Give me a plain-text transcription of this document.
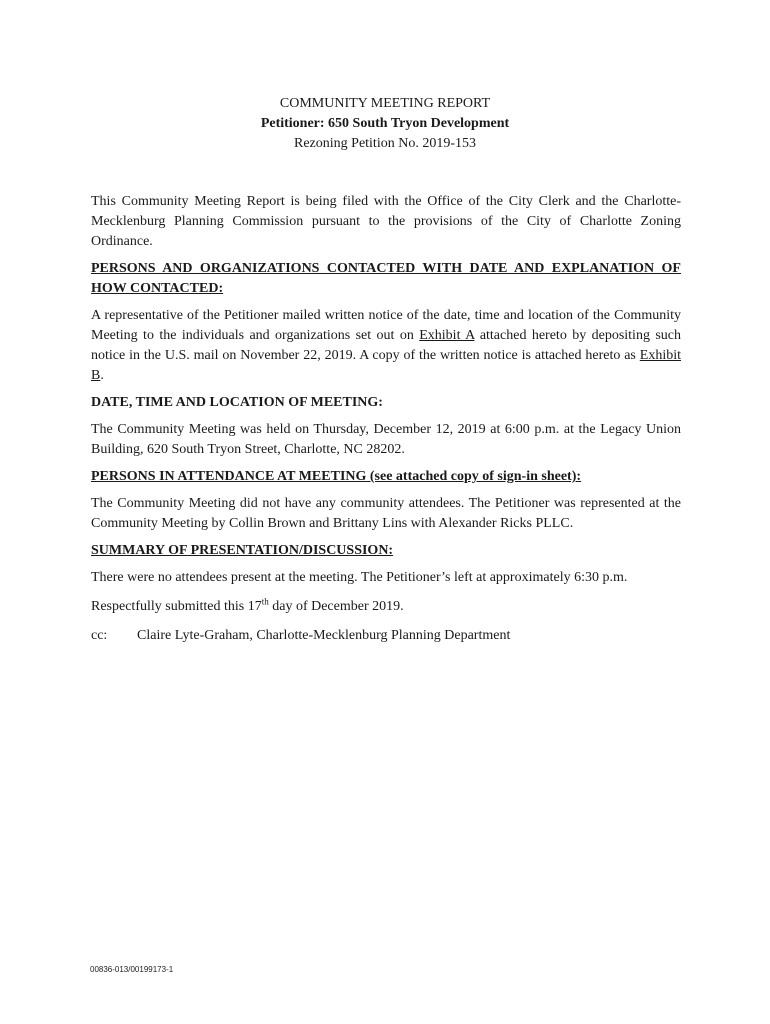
COMMUNITY MEETING REPORT
Petitioner: 650 South Tryon Development
Rezoning Petition No. 2019-153

This Community Meeting Report is being filed with the Office of the City Clerk and the Charlotte-Mecklenburg Planning Commission pursuant to the provisions of the City of Charlotte Zoning Ordinance.

PERSONS AND ORGANIZATIONS CONTACTED WITH DATE AND EXPLANATION OF HOW CONTACTED:

A representative of the Petitioner mailed written notice of the date, time and location of the Community Meeting to the individuals and organizations set out on Exhibit A attached hereto by depositing such notice in the U.S. mail on November 22, 2019. A copy of the written notice is attached hereto as Exhibit B.

DATE, TIME AND LOCATION OF MEETING:

The Community Meeting was held on Thursday, December 12, 2019 at 6:00 p.m. at the Legacy Union Building, 620 South Tryon Street, Charlotte, NC 28202.

PERSONS IN ATTENDANCE AT MEETING (see attached copy of sign-in sheet):

The Community Meeting did not have any community attendees. The Petitioner was represented at the Community Meeting by Collin Brown and Brittany Lins with Alexander Ricks PLLC.

SUMMARY OF PRESENTATION/DISCUSSION:

There were no attendees present at the meeting. The Petitioner’s left at approximately 6:30 p.m.

Respectfully submitted this 17th day of December 2019.

cc:	Claire Lyte-Graham, Charlotte-Mecklenburg Planning Department

00836-013/00199173-1
